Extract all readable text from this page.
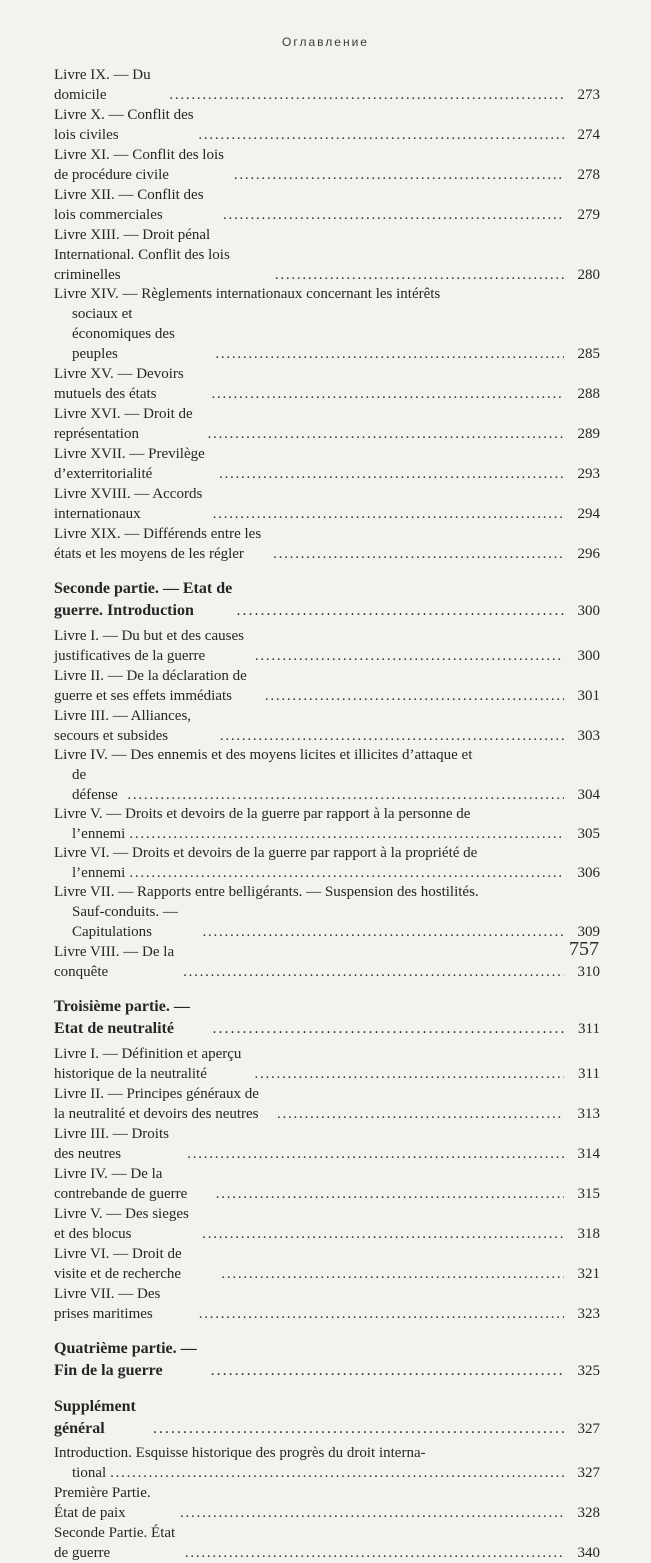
Оглавление
Livre IX. — Du domicile . . .	273
Livre X. — Conflit des lois civiles . . .	274
Livre XI. — Conflit des lois de procédure civile . . .	278
Livre XII. — Conflit des lois commerciales . . .	279
Livre XIII. — Droit pénal International. Conflit des lois criminelles . . .	280
Livre XIV. — Règlements internationaux concernant les intérêts
sociaux et économiques des peuples . . .	285
Livre XV. — Devoirs mutuels des états . . .	288
Livre XVI. — Droit de représentation . . .	289
Livre XVII. — Previlège d’exterritorialité . . .	293
Livre XVIII. — Accords internationaux . . .	294
Livre XIX. — Différends entre les états et les moyens de les régler . . .	296
Seconde partie. — Etat de guerre. Introduction . . .	300
Livre I. — Du but et des causes justificatives de la guerre . . .	300
Livre II. — De la déclaration de guerre et ses effets immédiats . . .	301
Livre III. — Alliances, secours et subsides . . .	303
Livre IV. — Des ennemis et des moyens licites et illicites d’attaque et
de défense . . .	304
Livre V. — Droits et devoirs de la guerre par rapport à la personne de
l’ennemi . . .	305
Livre VI. — Droits et devoirs de la guerre par rapport à la propriété de
l’ennemi . . .	306
Livre VII. — Rapports entre belligérants. — Suspension des hostilités.
Sauf-conduits. — Capitulations . . .	309
Livre VIII. — De la conquête . . .	310
Troisième partie. — Etat de neutralité . . .	311
Livre I. — Définition et aperçu historique de la neutralité . . .	311
Livre II. — Principes généraux de la neutralité et devoirs des neutres . . .	313
Livre III. — Droits des neutres . . .	314
Livre IV. — De la contrebande de guerre . . .	315
Livre V. — Des sieges et des blocus . . .	318
Livre VI. — Droit de visite et de recherche . . .	321
Livre VII. — Des prises maritimes . . .	323
Quatrième partie. — Fin de la guerre . . .	325
Supplément général . . .	327
Introduction. Esquisse historique des progrès du droit interna-
tional . . .	327
Première Partie. État de paix . . .	328
Seconde Partie. État de guerre . . .	340
757
